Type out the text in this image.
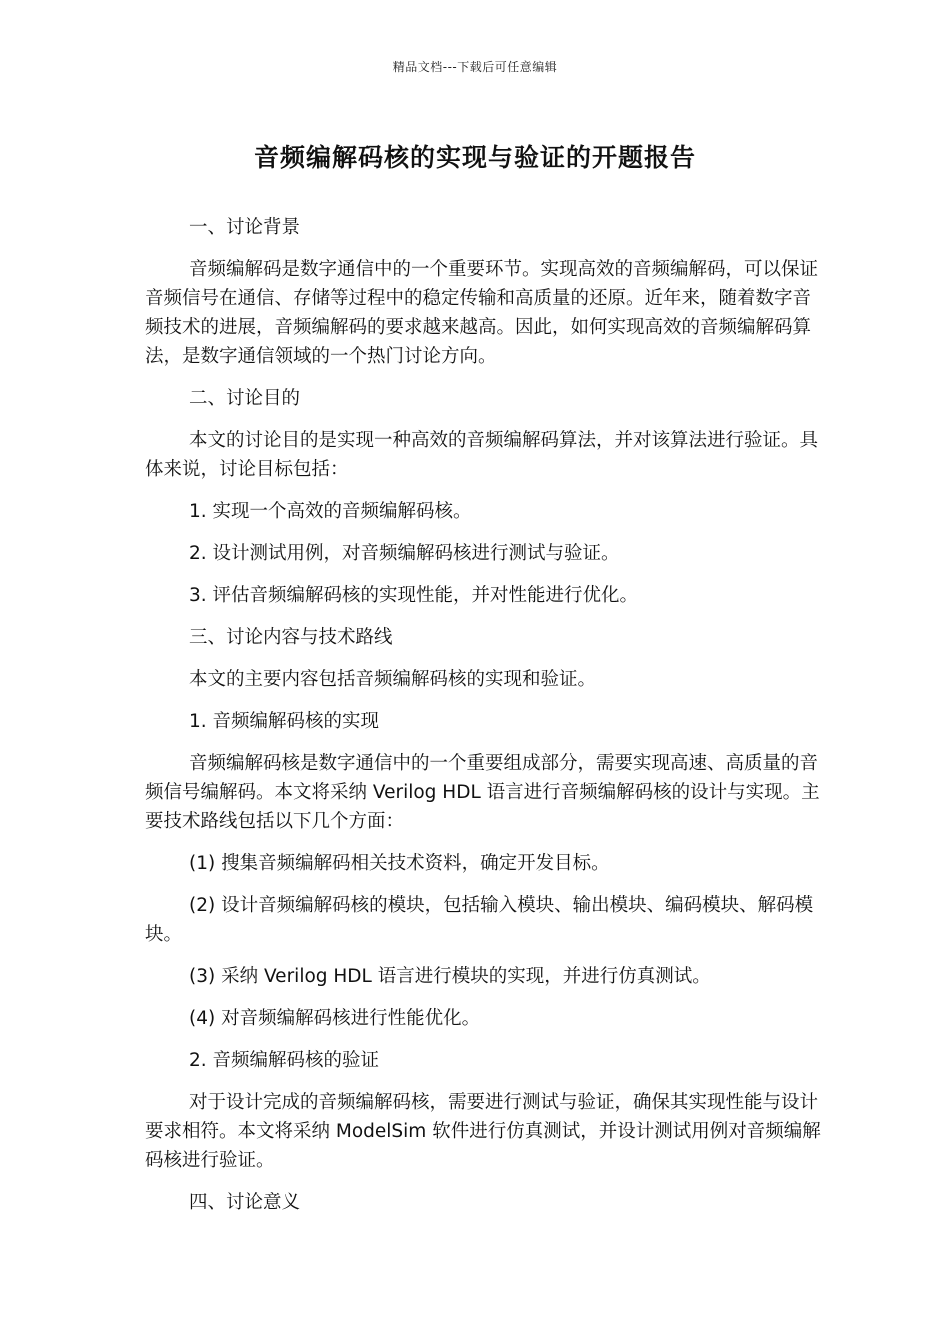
精品文档---下载后可任意编辑
音频编解码核的实现与验证的开题报告

一、讨论背景

音频编解码是数字通信中的一个重要环节。实现高效的音频编解码，可以保证音频信号在通信、存储等过程中的稳定传输和高质量的还原。近年来，随着数字音频技术的进展，音频编解码的要求越来越高。因此，如何实现高效的音频编解码算法，是数字通信领域的一个热门讨论方向。

二、讨论目的

本文的讨论目的是实现一种高效的音频编解码算法，并对该算法进行验证。具体来说，讨论目标包括：

1. 实现一个高效的音频编解码核。

2. 设计测试用例，对音频编解码核进行测试与验证。

3. 评估音频编解码核的实现性能，并对性能进行优化。

三、讨论内容与技术路线

本文的主要内容包括音频编解码核的实现和验证。

1. 音频编解码核的实现

音频编解码核是数字通信中的一个重要组成部分，需要实现高速、高质量的音频信号编解码。本文将采纳 Verilog HDL 语言进行音频编解码核的设计与实现。主要技术路线包括以下几个方面：

(1) 搜集音频编解码相关技术资料，确定开发目标。

(2) 设计音频编解码核的模块，包括输入模块、输出模块、编码模块、解码模块。

(3) 采纳 Verilog HDL 语言进行模块的实现，并进行仿真测试。

(4) 对音频编解码核进行性能优化。

2. 音频编解码核的验证

对于设计完成的音频编解码核，需要进行测试与验证，确保其实现性能与设计要求相符。本文将采纳 ModelSim 软件进行仿真测试，并设计测试用例对音频编解码核进行验证。

四、讨论意义
